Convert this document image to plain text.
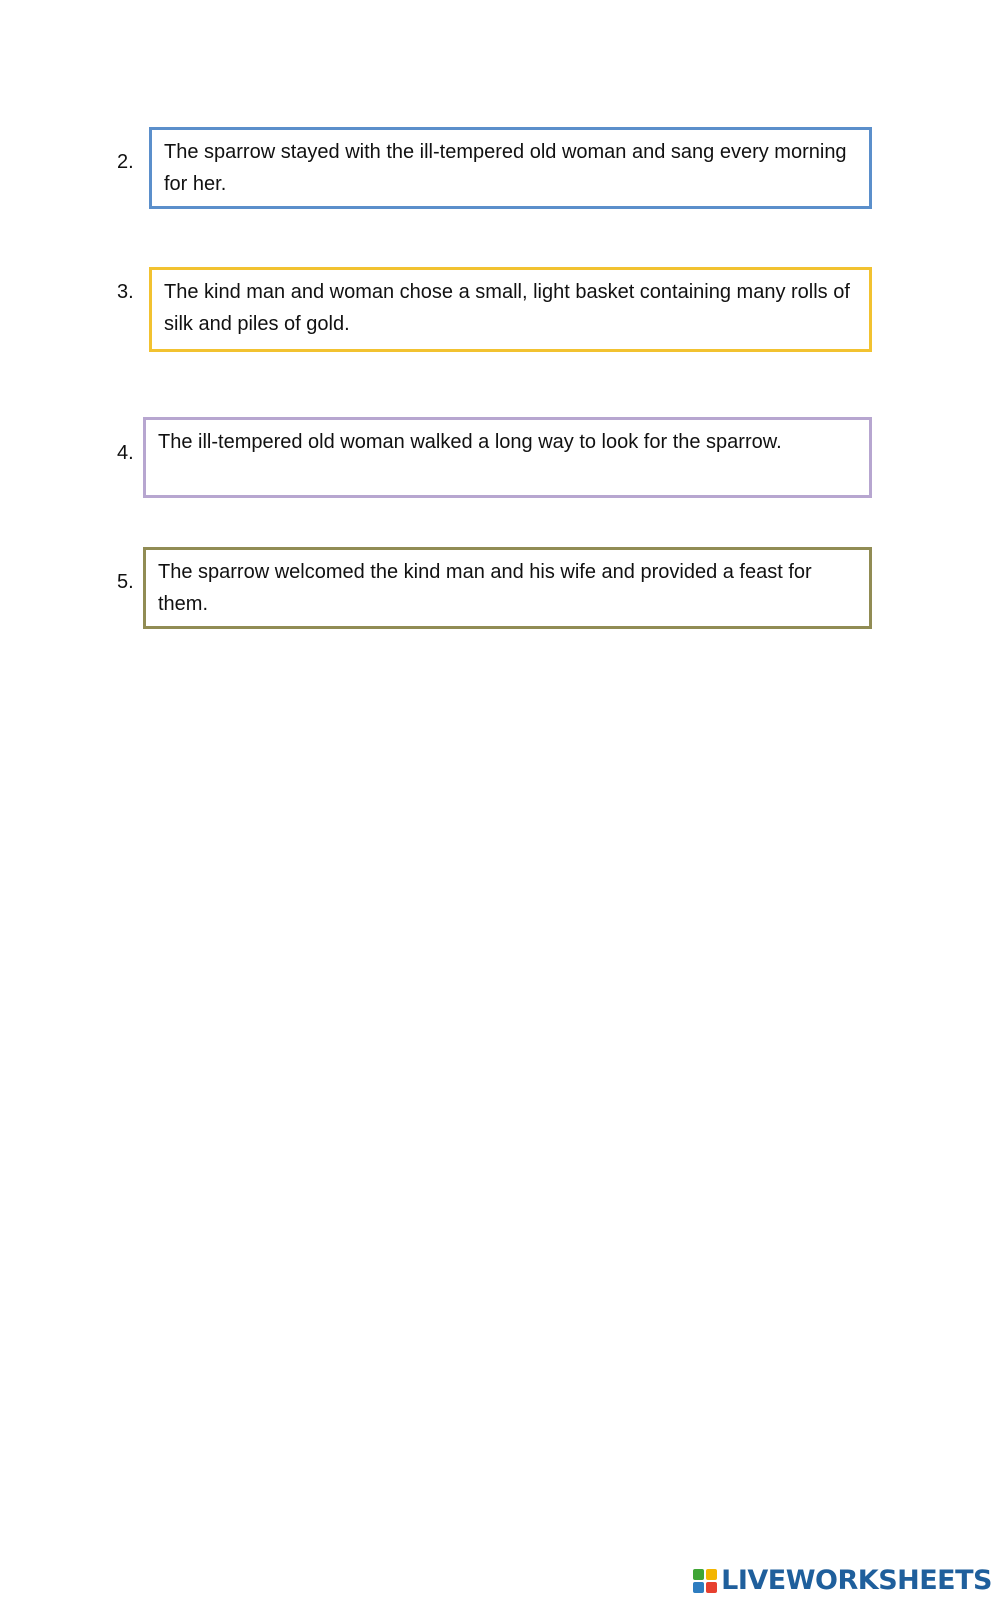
2. The sparrow stayed with the ill-tempered old woman and sang every morning for her.
3. The kind man and woman chose a small, light basket containing many rolls of silk and piles of gold.
4. The ill-tempered old woman walked a long way to look for the sparrow.
5. The sparrow welcomed the kind man and his wife and provided a feast for them.
LIVEWORKSHEETS
